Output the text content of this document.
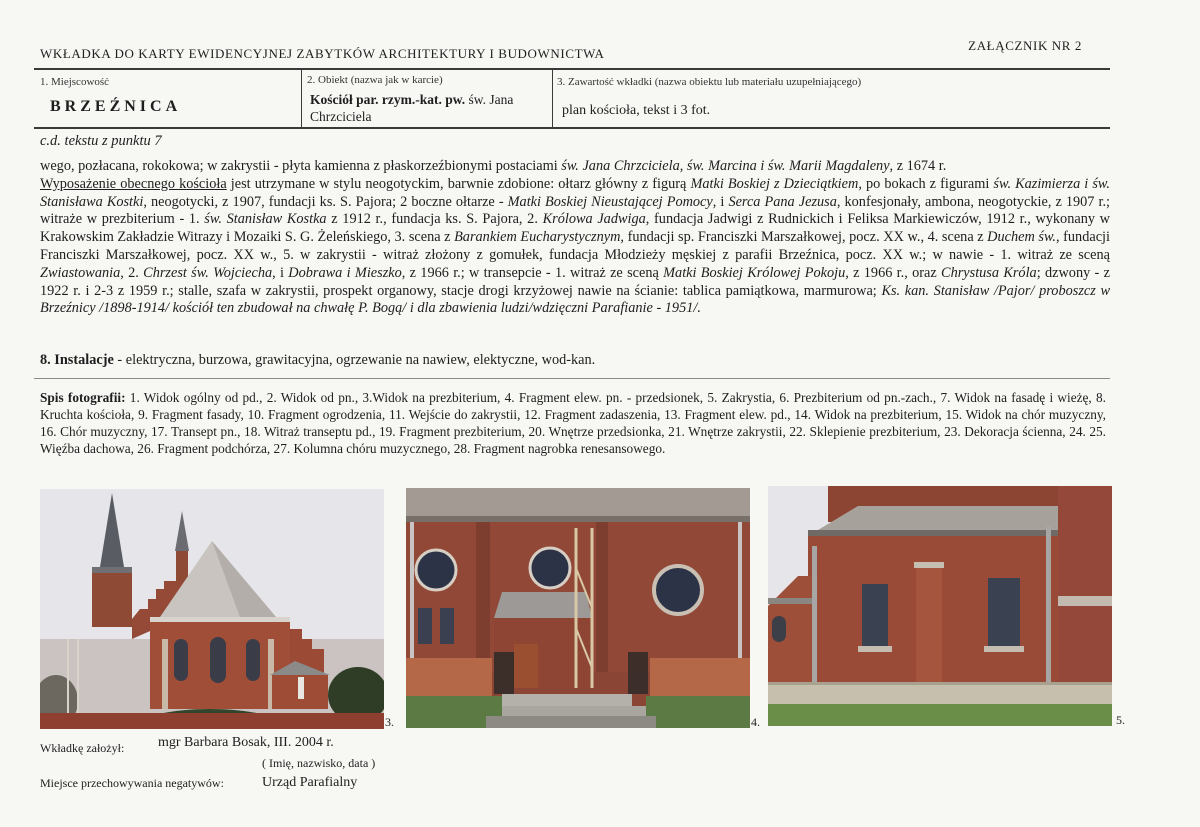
WKŁADKA DO KARTY EWIDENCYJNEJ ZABYTKÓW ARCHITEKTURY I BUDOWNICTWA
ZAŁĄCZNIK NR 2
1. Miejscowość
BRZEŹNICA
2. Obiekt (nazwa jak w karcie)
Kościół par. rzym.-kat. pw. św. Jana Chrzciciela
3. Zawartość wkładki (nazwa obiektu lub materiału uzupełniającego)
plan kościoła, tekst i 3 fot.
c.d. tekstu z punktu 7

wego, pozłacana, rokokowa; w zakrystii - płyta kamienna z płaskorzeźbionymi postaciami św. Jana Chrzciciela, św. Marcina i św. Marii Magdaleny, z 1674 r.

Wyposażenie obecnego kościoła jest utrzymane w stylu neogotyckim, barwnie zdobione: ołtarz główny z figurą Matki Boskiej z Dzieciątkiem, po bokach z figurami św. Kazimierza i św. Stanisława Kostki, neogotycki, z 1907, fundacji ks. S. Pajora; 2 boczne ołtarze - Matki Boskiej Nieustającej Pomocy, i Serca Pana Jezusa, konfesjonały, ambona, neogotyckie, z 1907 r.; witraże w prezbiterium - 1. św. Stanisław Kostka z 1912 r., fundacja ks. S. Pajora, 2. Królowa Jadwiga, fundacja Jadwigi z Rudnickich i Feliksa Markiewiczów, 1912 r., wykonany w Krakowskim Zakładzie Witrazy i Mozaiki S. G. Żeleńskiego, 3. scena z Barankiem Eucharystycznym, fundacji sp. Franciszki Marszałkowej, pocz. XX w., 4. scena z Duchem św., fundacji Franciszki Marszałkowej, pocz. XX w., 5. w zakrystii - witraż złożony z gomułek, fundacja Młodzieży męskiej z parafii Brzeźnica, pocz. XX w.; w nawie - 1. witraż ze sceną Zwiastowania, 2. Chrzest św. Wojciecha, i Dobrawa i Mieszko, z 1966 r.; w transepcie - 1. witraż ze sceną Matki Boskiej Królowej Pokoju, z 1966 r., oraz Chrystusa Króla; dzwony - z 1922 r. i 2-3 z 1959 r.; stalle, szafa w zakrystii, prospekt organowy, stacje drogi krzyżowej nawie na ścianie: tablica pamiątkowa, marmurowa; Ks. kan. Stanisław /Pajor/ proboszcz w Brzeźnicy /1898-1914/ kościół ten zbudował na chwałę P. Bogą/ i dla zbawienia ludzi/wdzięczni Parafianie - 1951/.

8. Instalacje - elektryczna, burzowa, grawitacyjna, ogrzewanie na nawiew, elektyczne, wod-kan.
Spis fotografii: 1. Widok ogólny od pd., 2. Widok od pn., 3.Widok na prezbiterium, 4. Fragment elew. pn. - przedsionek, 5. Zakrystia, 6. Prezbiterium od pn.-zach., 7. Widok na fasadę i wieżę, 8. Kruchta kościoła, 9. Fragment fasady, 10. Fragment ogrodzenia, 11. Wejście do zakrystii, 12. Fragment zadaszenia, 13. Fragment elew. pd., 14. Widok na prezbiterium, 15. Widok na chór muzyczny, 16. Chór muzyczny, 17. Transept pn., 18. Witraż transeptu pd., 19. Fragment prezbiterium, 20. Wnętrze przedsionka, 21. Wnętrze zakrystii, 22. Sklepienie prezbiterium, 23. Dekoracja ścienna, 24. 25. Więźba dachowa, 26. Fragment podchórza, 27. Kolumna chóru muzycznego, 28. Fragment nagrobka renesansowego.
3.	4.	5.
Wkładkę założył: mgr Barbara Bosak, III. 2004 r.
( Imię, nazwisko, data )
Miejsce przechowywania negatywów:	Urząd Parafialny
